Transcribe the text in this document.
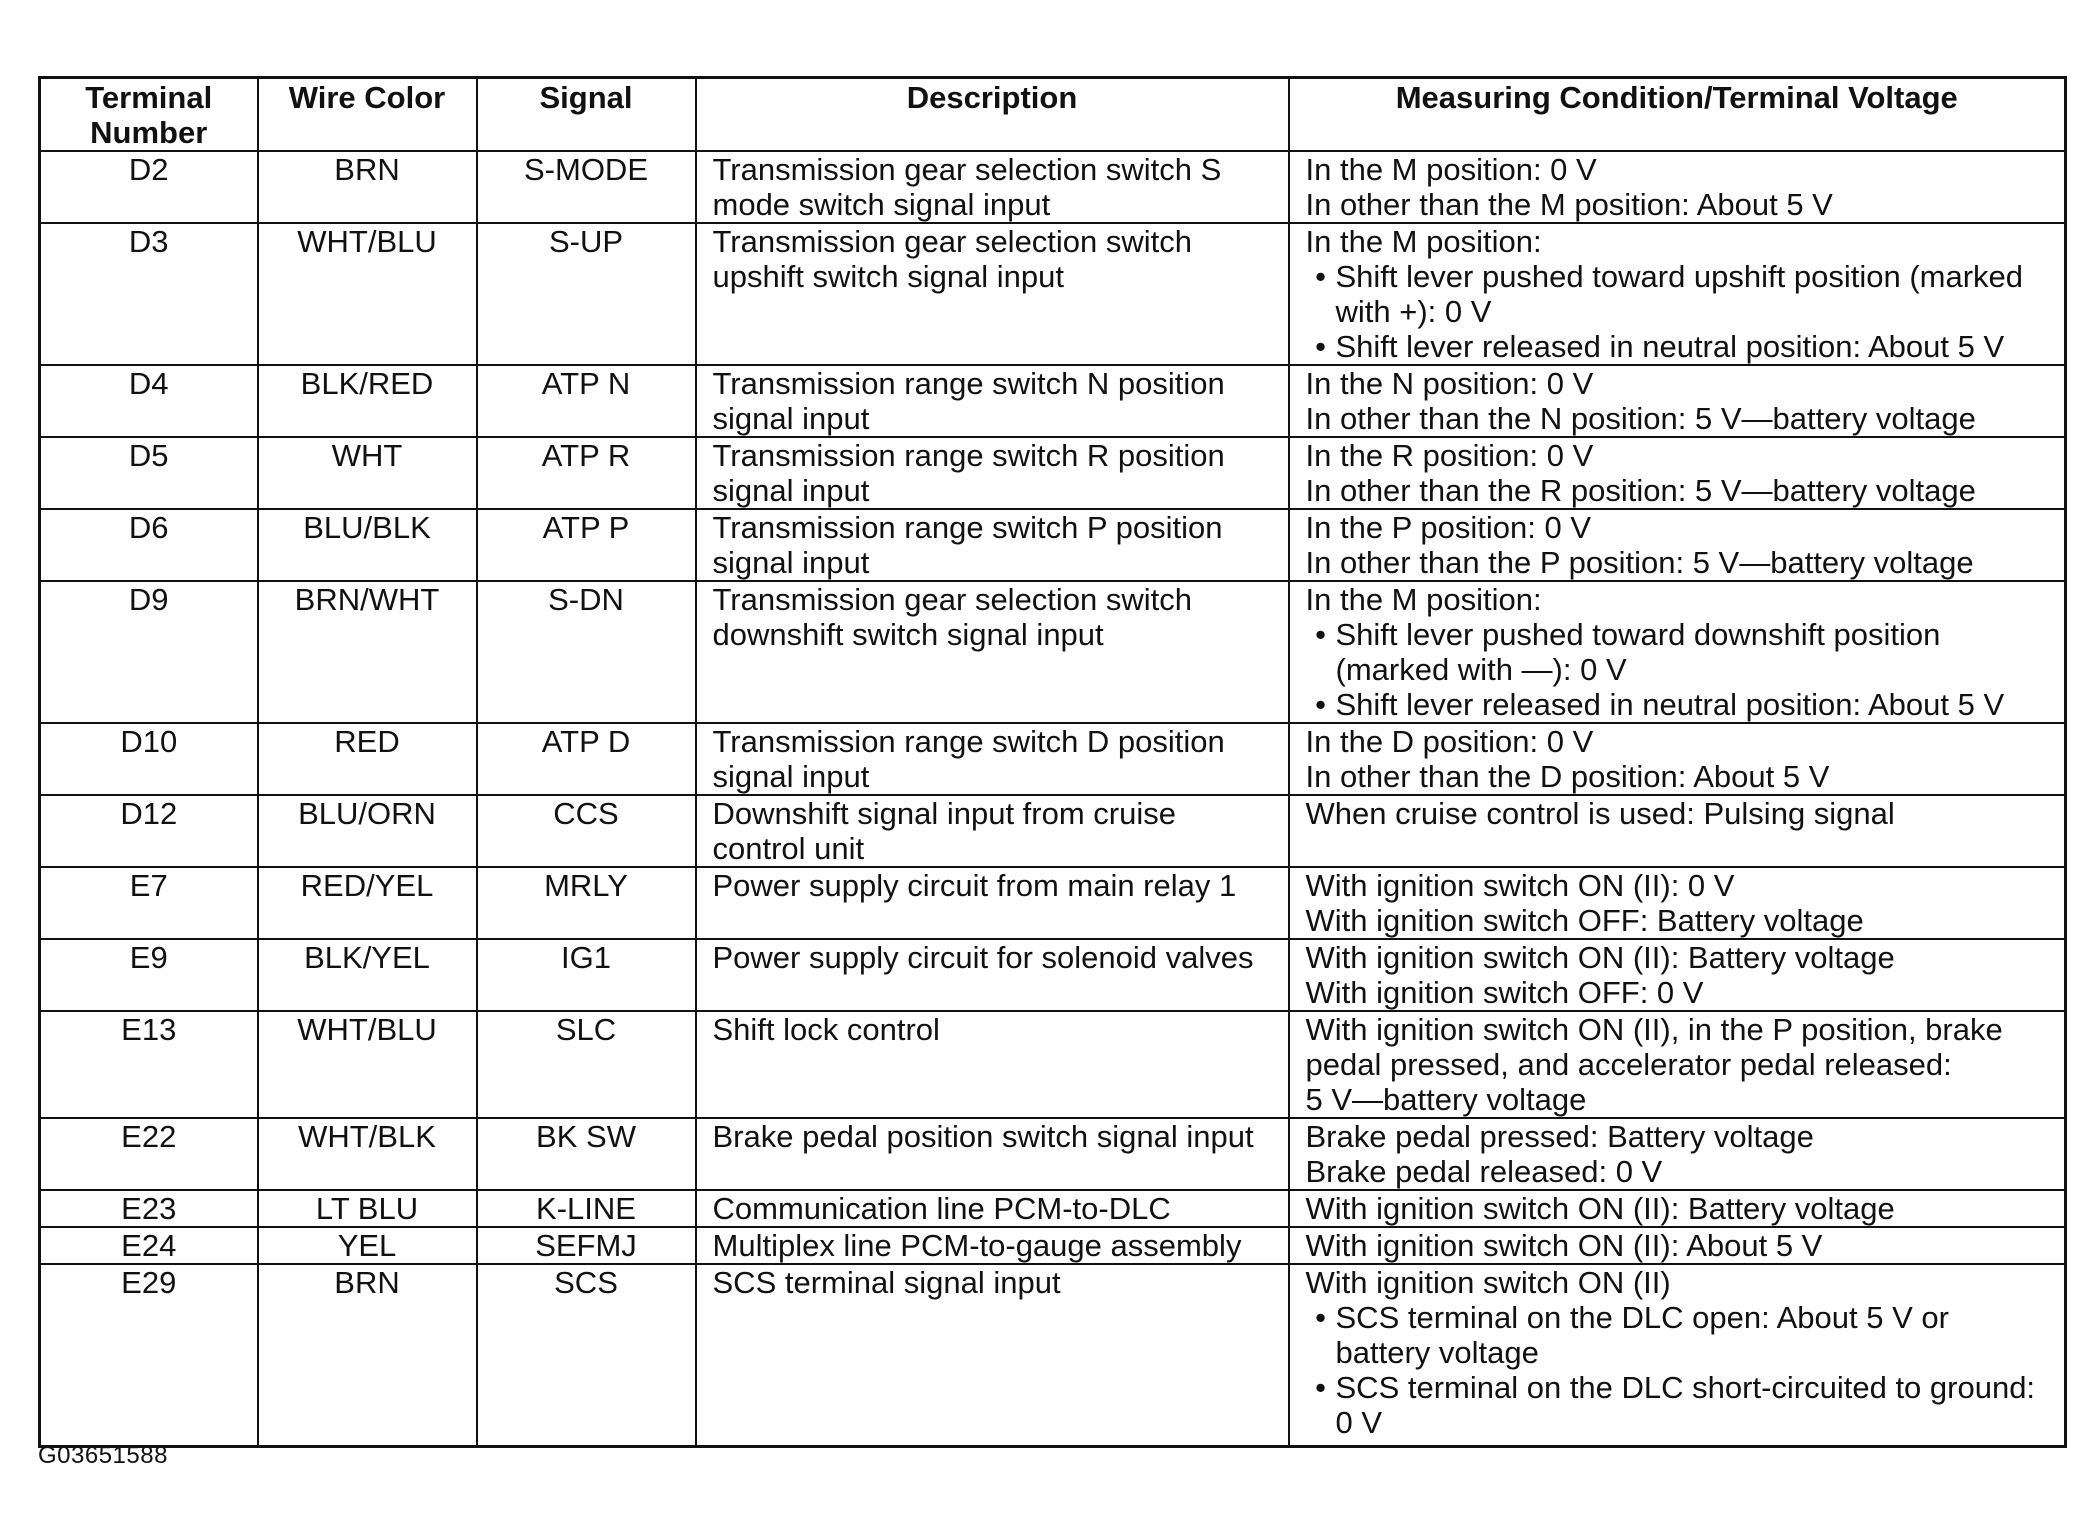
Terminal Number	Wire Color	Signal	Description	Measuring Condition/Terminal Voltage
D2	BRN	S-MODE	Transmission gear selection switch S mode switch signal input	In the M position: 0 V
In other than the M position: About 5 V

D3	WHT/BLU	S-UP	Transmission gear selection switch upshift switch signal input	In the M position:
• Shift lever pushed toward upshift position (marked with +): 0 V
• Shift lever released in neutral position: About 5 V

D4	BLK/RED	ATP N	Transmission range switch N position signal input	In the N position: 0 V
In other than the N position: 5 V—battery voltage

D5	WHT	ATP R	Transmission range switch R position signal input	In the R position: 0 V
In other than the R position: 5 V—battery voltage

D6	BLU/BLK	ATP P	Transmission range switch P position signal input	In the P position: 0 V
In other than the P position: 5 V—battery voltage

D9	BRN/WHT	S-DN	Transmission gear selection switch downshift switch signal input	In the M position:
• Shift lever pushed toward downshift position (marked with —): 0 V
• Shift lever released in neutral position: About 5 V

D10	RED	ATP D	Transmission range switch D position signal input	In the D position: 0 V
In other than the D position: About 5 V

D12	BLU/ORN	CCS	Downshift signal input from cruise control unit	When cruise control is used: Pulsing signal

E7	RED/YEL	MRLY	Power supply circuit from main relay 1	With ignition switch ON (II): 0 V
With ignition switch OFF: Battery voltage

E9	BLK/YEL	IG1	Power supply circuit for solenoid valves	With ignition switch ON (II): Battery voltage
With ignition switch OFF: 0 V

E13	WHT/BLU	SLC	Shift lock control	With ignition switch ON (II), in the P position, brake pedal pressed, and accelerator pedal released:
5 V—battery voltage

E22	WHT/BLK	BK SW	Brake pedal position switch signal input	Brake pedal pressed: Battery voltage
Brake pedal released: 0 V

E23	LT BLU	K-LINE	Communication line PCM-to-DLC	With ignition switch ON (II): Battery voltage

E24	YEL	SEFMJ	Multiplex line PCM-to-gauge assembly	With ignition switch ON (II): About 5 V

E29	BRN	SCS	SCS terminal signal input	With ignition switch ON (II)
• SCS terminal on the DLC open: About 5 V or battery voltage
• SCS terminal on the DLC short-circuited to ground: 0 V
G03651588
